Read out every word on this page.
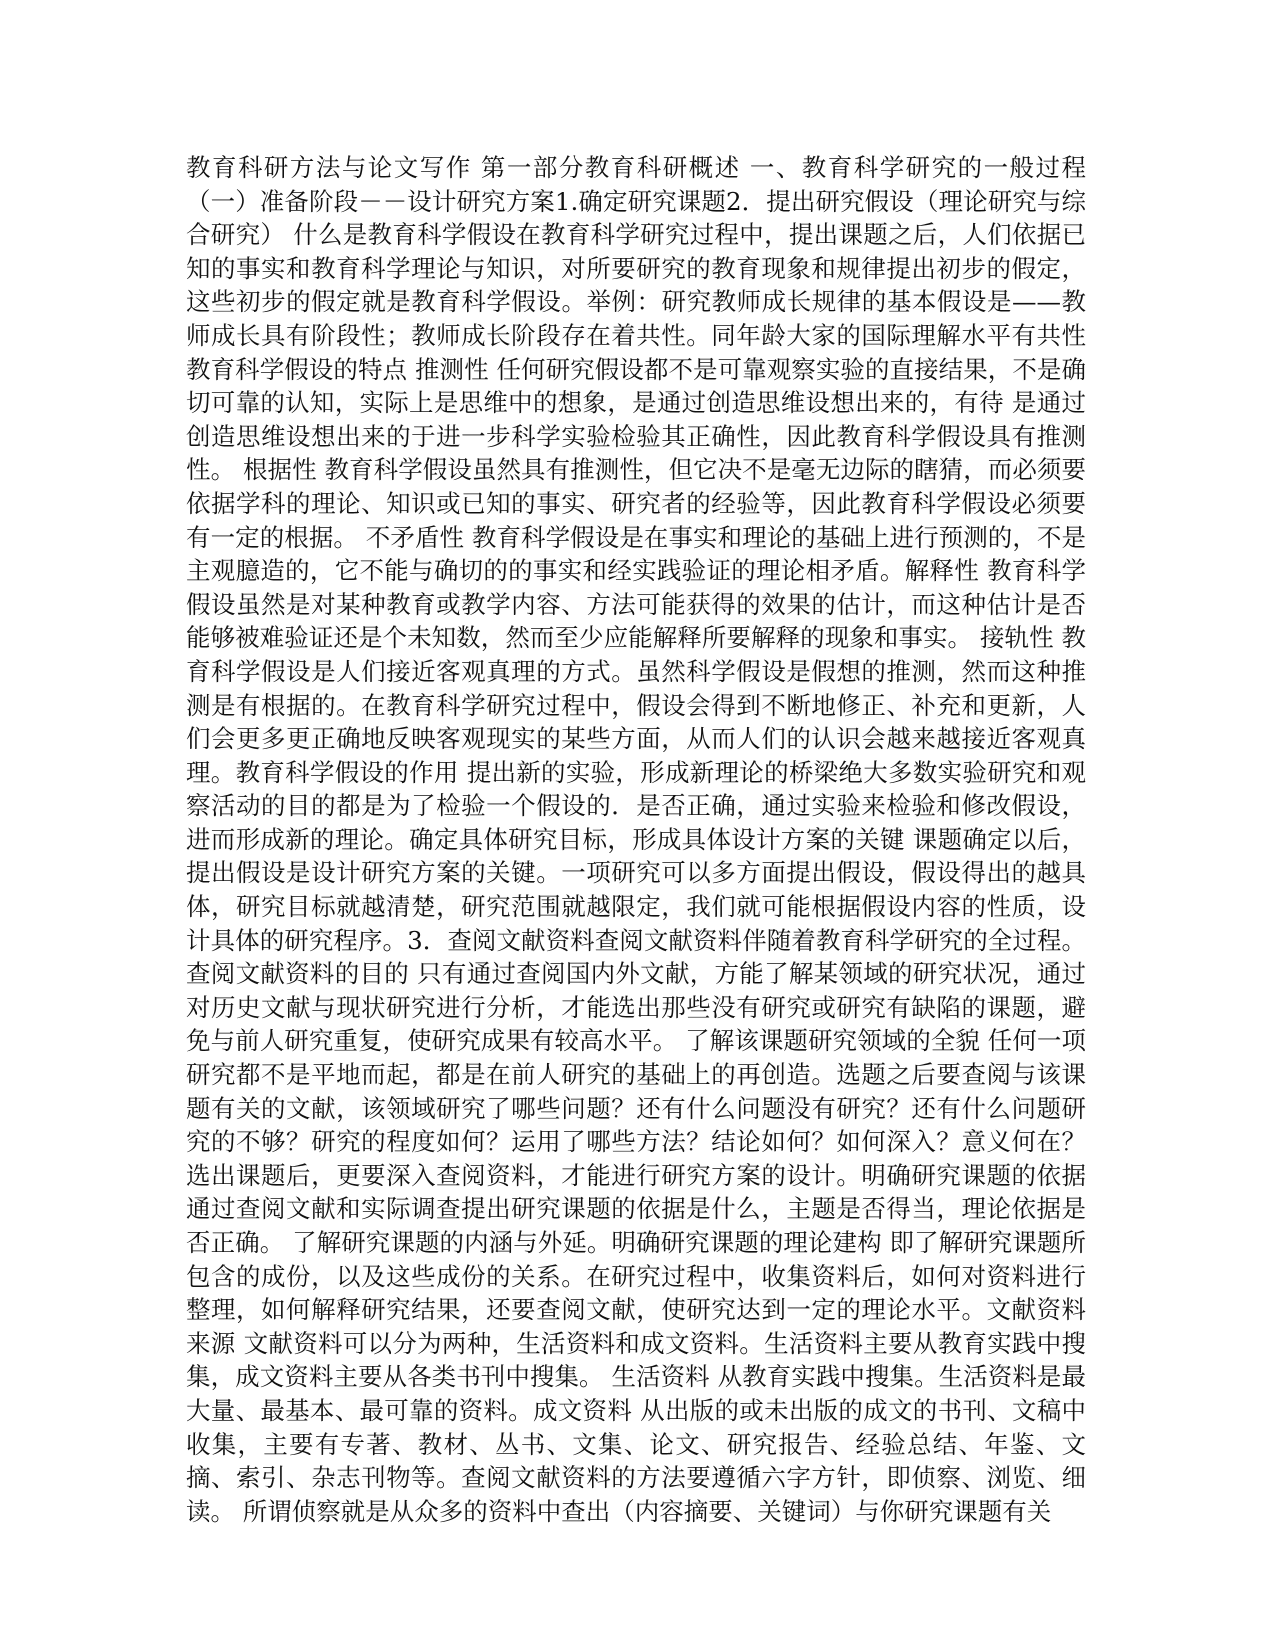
教育科研方法与论文写作 第一部分教育科研概述 一、教育科学研究的一般过程（一）准备阶段－－设计研究方案1.确定研究课题2．提出研究假设（理论研究与综合研究） 什么是教育科学假设在教育科学研究过程中，提出课题之后，人们依据已知的事实和教育科学理论与知识，对所要研究的教育现象和规律提出初步的假定，这些初步的假定就是教育科学假设。举例：研究教师成长规律的基本假设是——教师成长具有阶段性；教师成长阶段存在着共性。同年龄大家的国际理解水平有共性教育科学假设的特点 推测性 任何研究假设都不是可靠观察实验的直接结果，不是确切可靠的认知，实际上是思维中的想象，是通过创造思维设想出来的，有待 是通过创造思维设想出来的于进一步科学实验检验其正确性，因此教育科学假设具有推测性。 根据性 教育科学假设虽然具有推测性，但它决不是毫无边际的瞎猜，而必须要依据学科的理论、知识或已知的事实、研究者的经验等，因此教育科学假设必须要有一定的根据。 不矛盾性 教育科学假设是在事实和理论的基础上进行预测的，不是主观臆造的，它不能与确切的的事实和经实践验证的理论相矛盾。解释性 教育科学假设虽然是对某种教育或教学内容、方法可能获得的效果的估计，而这种估计是否能够被难验证还是个未知数，然而至少应能解释所要解释的现象和事实。 接轨性 教育科学假设是人们接近客观真理的方式。虽然科学假设是假想的推测，然而这种推测是有根据的。在教育科学研究过程中，假设会得到不断地修正、补充和更新，人们会更多更正确地反映客观现实的某些方面，从而人们的认识会越来越接近客观真理。教育科学假设的作用 提出新的实验，形成新理论的桥梁绝大多数实验研究和观察活动的目的都是为了检验一个假设的．是否正确，通过实验来检验和修改假设，进而形成新的理论。确定具体研究目标，形成具体设计方案的关键 课题确定以后，提出假设是设计研究方案的关键。一项研究可以多方面提出假设，假设得出的越具体，研究目标就越清楚，研究范围就越限定，我们就可能根据假设内容的性质，设计具体的研究程序。3．查阅文献资料查阅文献资料伴随着教育科学研究的全过程。查阅文献资料的目的 只有通过查阅国内外文献，方能了解某领域的研究状况，通过对历史文献与现状研究进行分析，才能选出那些没有研究或研究有缺陷的课题，避免与前人研究重复，使研究成果有较高水平。 了解该课题研究领域的全貌 任何一项研究都不是平地而起，都是在前人研究的基础上的再创造。选题之后要查阅与该课题有关的文献，该领域研究了哪些问题？还有什么问题没有研究？还有什么问题研究的不够？研究的程度如何？运用了哪些方法？结论如何？如何深入？意义何在？选出课题后，更要深入查阅资料，才能进行研究方案的设计。明确研究课题的依据 通过查阅文献和实际调查提出研究课题的依据是什么，主题是否得当，理论依据是否正确。 了解研究课题的内涵与外延。明确研究课题的理论建构 即了解研究课题所包含的成份，以及这些成份的关系。在研究过程中，收集资料后，如何对资料进行整理，如何解释研究结果，还要查阅文献，使研究达到一定的理论水平。文献资料来源 文献资料可以分为两种，生活资料和成文资料。生活资料主要从教育实践中搜集，成文资料主要从各类书刊中搜集。 生活资料 从教育实践中搜集。生活资料是最大量、最基本、最可靠的资料。成文资料 从出版的或未出版的成文的书刊、文稿中收集，主要有专著、教材、丛书、文集、论文、研究报告、经验总结、年鉴、文摘、索引、杂志刊物等。查阅文献资料的方法要遵循六字方针，即侦察、浏览、细读。 所谓侦察就是从众多的资料中查出（内容摘要、关键词）与你研究课题有关
